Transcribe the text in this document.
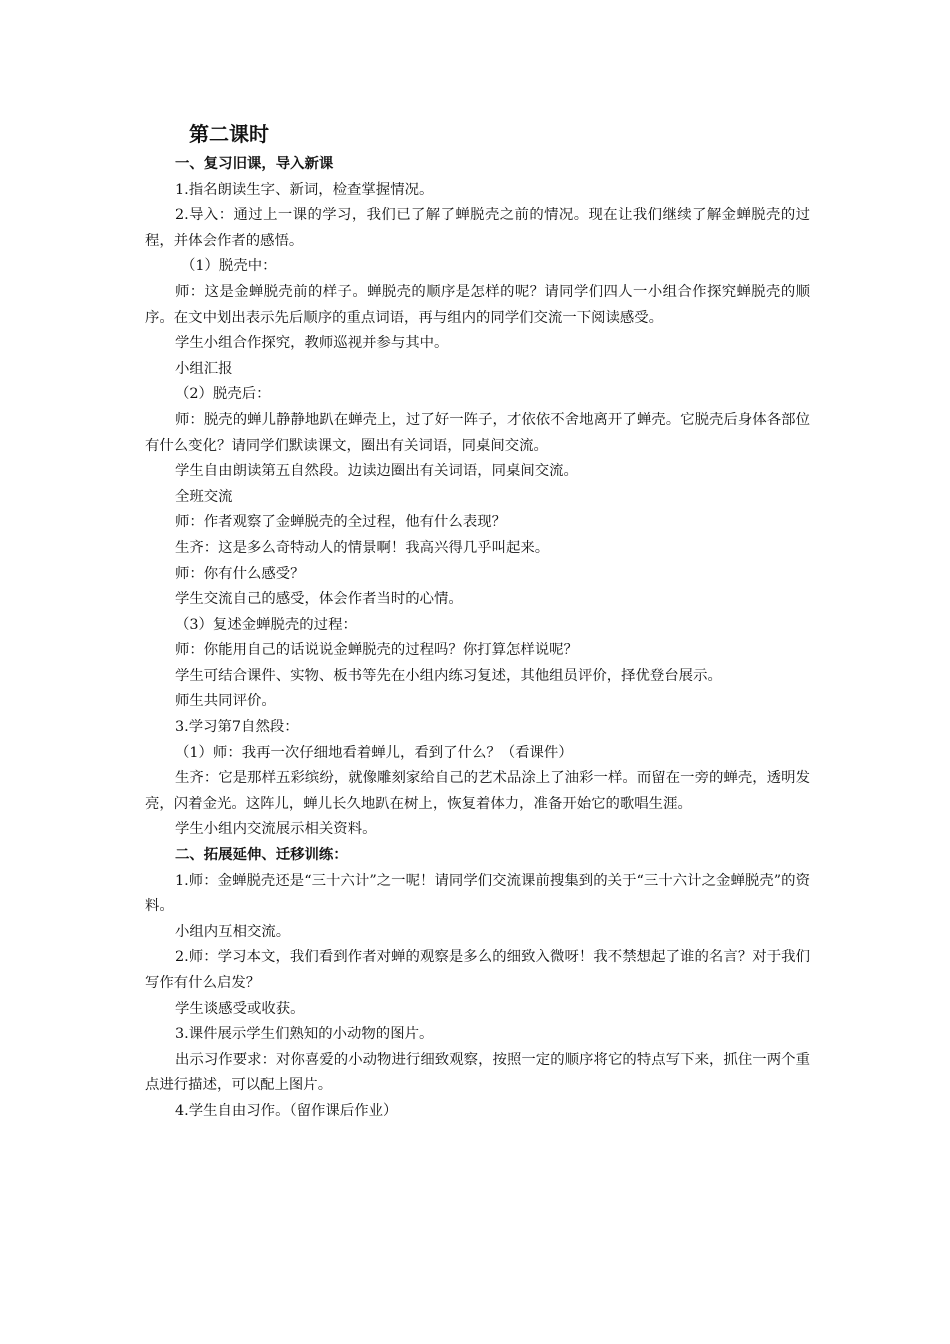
第二课时

一、复习旧课，导入新课

1.指名朗读生字、新词，检查掌握情况。

2.导入：通过上一课的学习，我们已了解了蝉脱壳之前的情况。现在让我们继续了解金蝉脱壳的过程，并体会作者的感悟。

（1）脱壳中：

师：这是金蝉脱壳前的样子。蝉脱壳的顺序是怎样的呢？请同学们四人一小组合作探究蝉脱壳的顺序。在文中划出表示先后顺序的重点词语，再与组内的同学们交流一下阅读感受。

学生小组合作探究，教师巡视并参与其中。

小组汇报

（2）脱壳后：

师：脱壳的蝉儿静静地趴在蝉壳上，过了好一阵子，才依依不舍地离开了蝉壳。它脱壳后身体各部位有什么变化？请同学们默读课文，圈出有关词语，同桌间交流。

学生自由朗读第五自然段。边读边圈出有关词语，同桌间交流。

全班交流

师：作者观察了金蝉脱壳的全过程，他有什么表现？

生齐：这是多么奇特动人的情景啊！我高兴得几乎叫起来。

师：你有什么感受？

学生交流自己的感受，体会作者当时的心情。

（3）复述金蝉脱壳的过程：

师：你能用自己的话说说金蝉脱壳的过程吗？你打算怎样说呢？

学生可结合课件、实物、板书等先在小组内练习复述，其他组员评价，择优登台展示。

师生共同评价。

3.学习第7自然段：

（1）师：我再一次仔细地看着蝉儿，看到了什么？（看课件）

生齐：它是那样五彩缤纷，就像雕刻家给自己的艺术品涂上了油彩一样。而留在一旁的蝉壳，透明发亮，闪着金光。这阵儿，蝉儿长久地趴在树上，恢复着体力，准备开始它的歌唱生涯。

学生小组内交流展示相关资料。

二、拓展延伸、迁移训练：

1.师：金蝉脱壳还是“三十六计”之一呢！请同学们交流课前搜集到的关于“三十六计之金蝉脱壳”的资料。

小组内互相交流。

2.师：学习本文，我们看到作者对蝉的观察是多么的细致入微呀！我不禁想起了谁的名言？对于我们写作有什么启发？

学生谈感受或收获。

3.课件展示学生们熟知的小动物的图片。

出示习作要求：对你喜爱的小动物进行细致观察，按照一定的顺序将它的特点写下来，抓住一两个重点进行描述，可以配上图片。

4.学生自由习作。（留作课后作业）
